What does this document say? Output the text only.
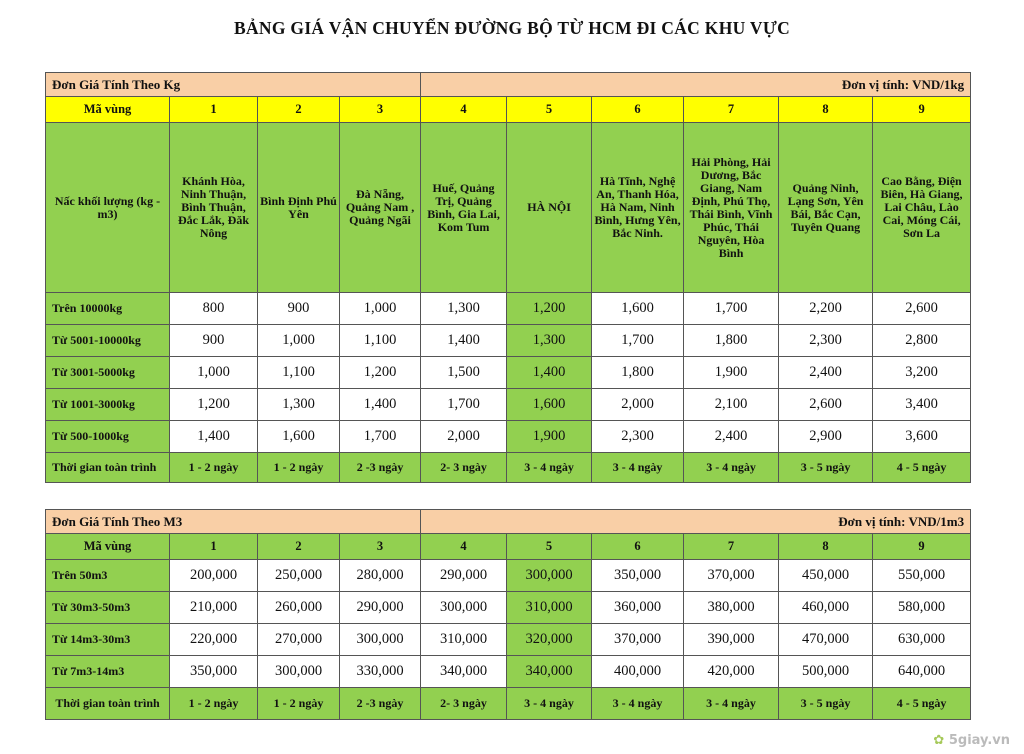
BẢNG GIÁ VẬN CHUYỂN ĐƯỜNG BỘ TỪ HCM ĐI CÁC KHU VỰC
Đơn Giá Tính Theo Kg				Đơn vị tính: VND/1kg					
Mã vùng	1	2	3	4	5	6	7	8	9
Nấc khối lượng (kg - m3)	Khánh Hòa, Ninh Thuận, Bình Thuận, Đắc Lắk, Đăk Nông	Bình Định Phú Yên	Đà Nẵng, Quảng Nam , Quảng Ngãi	Huế, Quảng Trị, Quảng Bình, Gia Lai, Kom Tum	HÀ NỘI	Hà Tĩnh, Nghệ An, Thanh Hóa, Hà Nam, Ninh Bình, Hưng Yên, Bắc Ninh.	Hải Phòng, Hải Dương, Bắc Giang, Nam Định, Phú Thọ, Thái Bình, Vĩnh Phúc, Thái Nguyên, Hòa Bình	Quảng Ninh, Lạng Sơn, Yên Bái, Bắc Cạn, Tuyên Quang	Cao Bằng, Điện Biên, Hà Giang, Lai Châu, Lào Cai, Móng Cái, Sơn La
Trên 10000kg	800	900	1,000	1,300	1,200	1,600	1,700	2,200	2,600
Từ 5001-10000kg	900	1,000	1,100	1,400	1,300	1,700	1,800	2,300	2,800
Từ 3001-5000kg	1,000	1,100	1,200	1,500	1,400	1,800	1,900	2,400	3,200
Từ 1001-3000kg	1,200	1,300	1,400	1,700	1,600	2,000	2,100	2,600	3,400
Từ 500-1000kg	1,400	1,600	1,700	2,000	1,900	2,300	2,400	2,900	3,600
Thời gian toàn trình	1 - 2 ngày	1 - 2 ngày	2 -3 ngày	2- 3 ngày	3 - 4 ngày	3 - 4 ngày	3 - 4 ngày	3 - 5 ngày	4 - 5 ngày
Đơn Giá Tính Theo M3				Đơn vị tính: VND/1m3					
Mã vùng	1	2	3	4	5	6	7	8	9
Trên 50m3	200,000	250,000	280,000	290,000	300,000	350,000	370,000	450,000	550,000
Từ 30m3-50m3	210,000	260,000	290,000	300,000	310,000	360,000	380,000	460,000	580,000
Từ 14m3-30m3	220,000	270,000	300,000	310,000	320,000	370,000	390,000	470,000	630,000
Từ 7m3-14m3	350,000	300,000	330,000	340,000	340,000	400,000	420,000	500,000	640,000
Thời gian toàn trình	1 - 2 ngày	1 - 2 ngày	2 -3 ngày	2- 3 ngày	3 - 4 ngày	3 - 4 ngày	3 - 4 ngày	3 - 5 ngày	4 - 5 ngày
✿ 5giay.vn
